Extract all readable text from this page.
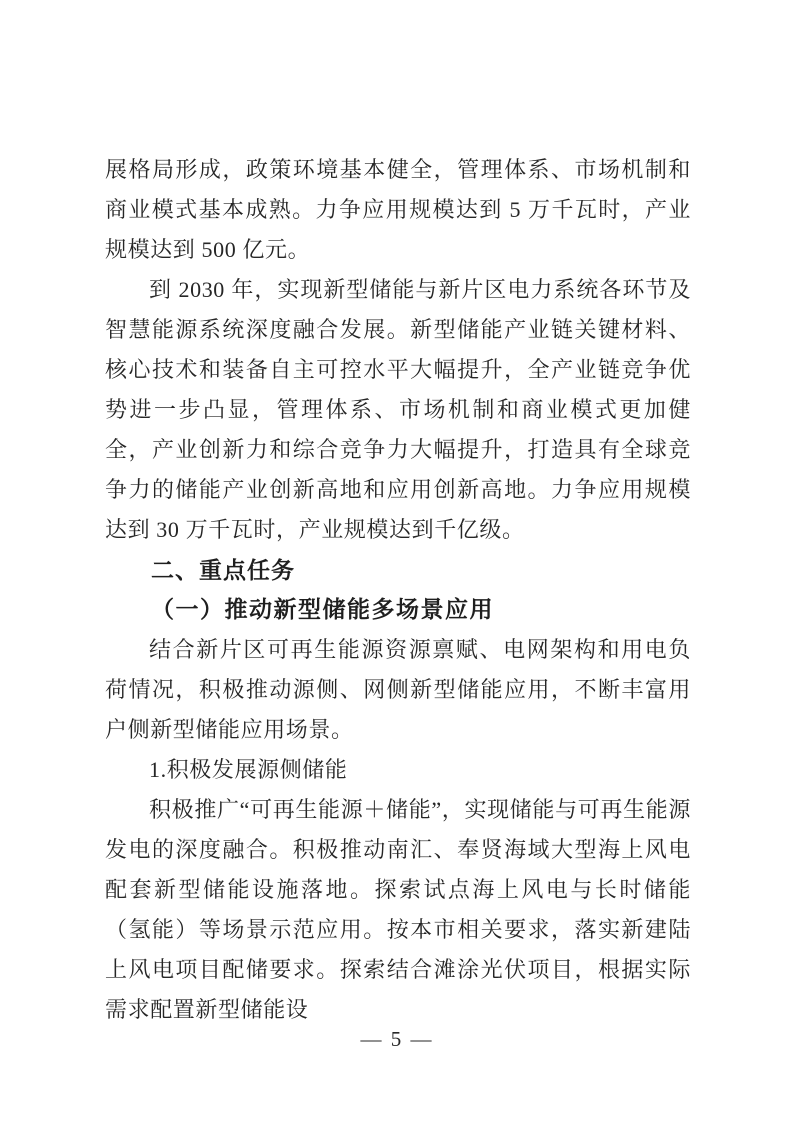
展格局形成，政策环境基本健全，管理体系、市场机制和商业模式基本成熟。力争应用规模达到 5 万千瓦时，产业规模达到 500 亿元。

到 2030 年，实现新型储能与新片区电力系统各环节及智慧能源系统深度融合发展。新型储能产业链关键材料、核心技术和装备自主可控水平大幅提升，全产业链竞争优势进一步凸显，管理体系、市场机制和商业模式更加健全，产业创新力和综合竞争力大幅提升，打造具有全球竞争力的储能产业创新高地和应用创新高地。力争应用规模达到 30 万千瓦时，产业规模达到千亿级。

二、重点任务
（一）推动新型储能多场景应用

结合新片区可再生能源资源禀赋、电网架构和用电负荷情况，积极推动源侧、网侧新型储能应用，不断丰富用户侧新型储能应用场景。

1.积极发展源侧储能

积极推广“可再生能源＋储能”，实现储能与可再生能源发电的深度融合。积极推动南汇、奉贤海域大型海上风电配套新型储能设施落地。探索试点海上风电与长时储能（氢能）等场景示范应用。按本市相关要求，落实新建陆上风电项目配储要求。探索结合滩涂光伏项目，根据实际需求配置新型储能设

— 5 —
